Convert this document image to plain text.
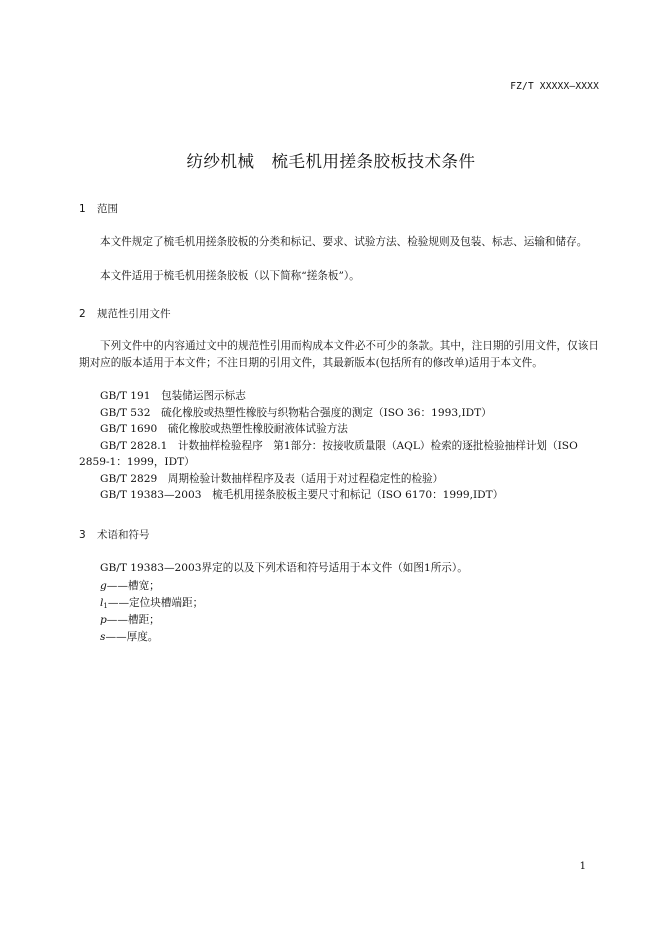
FZ/T XXXXX—XXXX
纺纱机械　 梳毛机用搓条胶板技术条件
1 范围
本文件规定了梳毛机用搓条胶板的分类和标记、要求、试验方法、检验规则及包装、标志、运输和储存。
本文件适用于梳毛机用搓条胶板（以下简称“搓条板”）。
2 规范性引用文件
下列文件中的内容通过文中的规范性引用而构成本文件必不可少的条款。其中，注日期的引用文件，仅该日期对应的版本适用于本文件；不注日期的引用文件，其最新版本(包括所有的修改单)适用于本文件。
GB/T 191　 包装储运图示标志
GB/T 532　 硫化橡胶或热塑性橡胶与织物粘合强度的测定（ISO 36：1993,IDT）
GB/T 1690　 硫化橡胶或热塑性橡胶耐液体试验方法
GB/T 2828.1　 计数抽样检验程序　第1部分：按接收质量限（AQL）检索的逐批检验抽样计划（ISO
2859-1：1999，IDT）
GB/T 2829　 周期检验计数抽样程序及表（适用于对过程稳定性的检验）
GB/T 19383—2003　 梳毛机用搓条胶板主要尺寸和标记（ISO 6170：1999,IDT）
3 术语和符号
GB/T 19383—2003界定的以及下列术语和符号适用于本文件（如图1所示）。
g——槽宽；
$l_1——$定位块槽端距；
p——槽距；
s——厚度。
1
